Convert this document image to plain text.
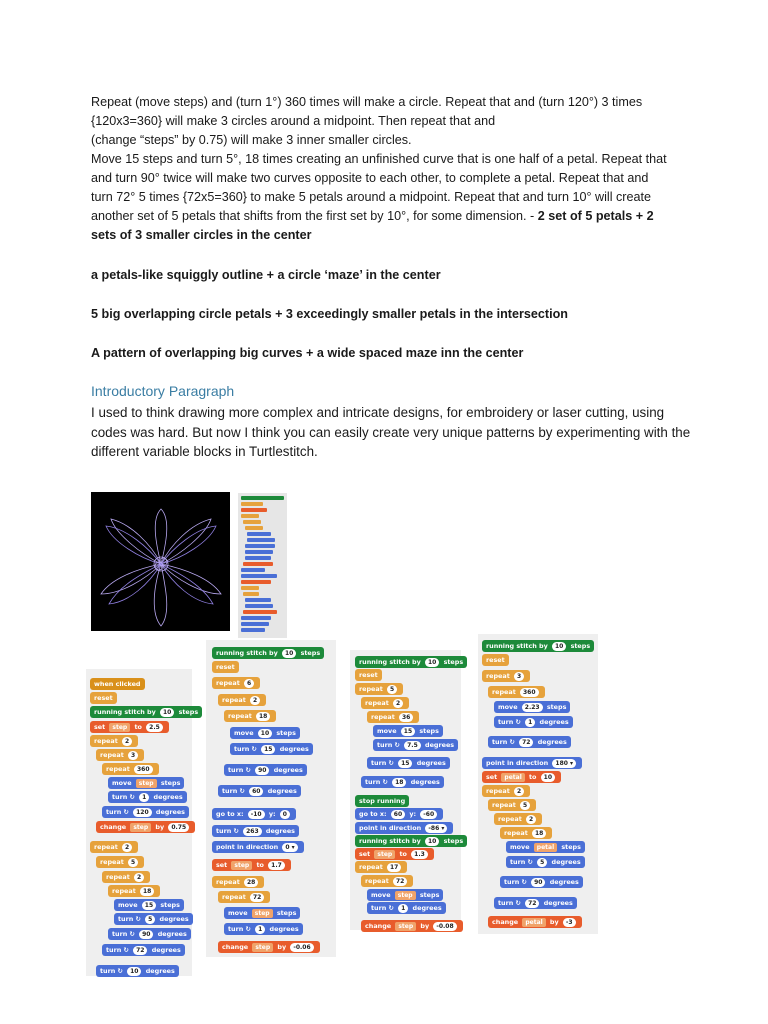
Repeat (move steps) and (turn 1°) 360 times will make a circle. Repeat that and (turn 120°) 3 times
{120x3=360} will make 3 circles around a midpoint. Then repeat that and
(change “steps” by 0.75) will make 3 inner smaller circles.
Move 15 steps and turn 5°, 18 times creating an unfinished curve that is one half of a petal. Repeat that
and turn 90° twice will make two curves opposite to each other, to complete a petal. Repeat that and
turn 72° 5 times {72x5=360} to make 5 petals around a midpoint. Repeat that and turn 10° will create
another set of 5 petals that shifts from the first set by 10°, for some dimension. - 2 set of 5 petals + 2
sets of 3 smaller circles in the center
a petals-like squiggly outline + a circle ‘maze’ in the center
5 big overlapping circle petals + 3 exceedingly smaller petals in the intersection
A pattern of overlapping big curves + a wide spaced maze inn the center
Introductory Paragraph
I used to think drawing more complex and intricate designs, for embroidery or laser cutting, using codes was hard. But now I think you can easily create very unique patterns by experimenting with the different variable blocks in Turtlestitch.
when clicked
reset
running stitch by 10 steps
set step to 2.5
repeat 2
repeat 3
repeat 360
move step steps
turn ↻ 1 degrees
turn ↻ 120 degrees
change step by 0.75
repeat 2
repeat 5
repeat 2
repeat 18
move 15 steps
turn ↻ 5 degrees
turn ↻ 90 degrees
turn ↻ 72 degrees
turn ↻ 10 degrees
running stitch by 10 steps
reset
repeat 6
repeat 2
repeat 18
move 10 steps
turn ↻ 15 degrees
turn ↻ 90 degrees
turn ↻ 60 degrees
go to x: -10 y: 0
turn ↻ 263 degrees
point in direction 0 ▾
set step to 1.7
repeat 28
repeat 72
move step steps
turn ↻ 1 degrees
change step by -0.06
running stitch by 10 steps
reset
repeat 5
repeat 2
repeat 36
move 15 steps
turn ↻ 7.5 degrees
turn ↻ 15 degrees
turn ↻ 18 degrees
stop running
go to x: 60 y: -60
point in direction -86 ▾
running stitch by 10 steps
set step to 1.3
repeat 17
repeat 72
move step steps
turn ↻ 1 degrees
change step by -0.08
running stitch by 10 steps
reset
repeat 3
repeat 360
move 2.23 steps
turn ↻ 1 degrees
turn ↻ 72 degrees
point in direction 180 ▾
set petal to 10
repeat 2
repeat 5
repeat 2
repeat 18
move petal steps
turn ↻ 5 degrees
turn ↻ 90 degrees
turn ↻ 72 degrees
change petal by -3
